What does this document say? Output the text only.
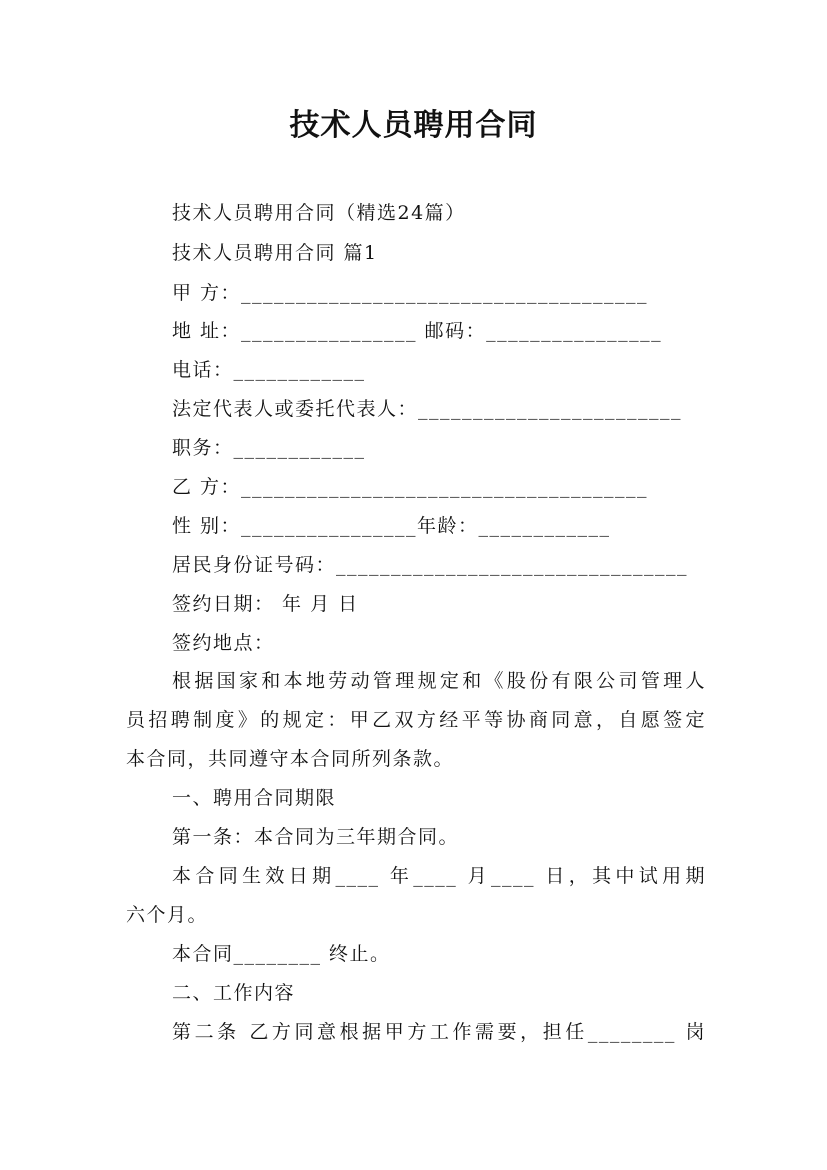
技术人员聘用合同
技术人员聘用合同（精选24篇）
技术人员聘用合同 篇1
甲 方：_____________________________________
地 址：________________ 邮码：________________
电话：____________
法定代表人或委托代表人：________________________
职务：____________
乙 方：_____________________________________
性 别：________________年龄：____________
居民身份证号码：________________________________
签约日期： 年 月 日
签约地点：
根据国家和本地劳动管理规定和《股份有限公司管理人
员招聘制度》的规定：甲乙双方经平等协商同意，自愿签定
本合同，共同遵守本合同所列条款。
一、聘用合同期限
第一条：本合同为三年期合同。
本合同生效日期____ 年____ 月____ 日，其中试用期
六个月。
本合同________ 终止。
二、工作内容
第二条 乙方同意根据甲方工作需要，担任________ 岗
